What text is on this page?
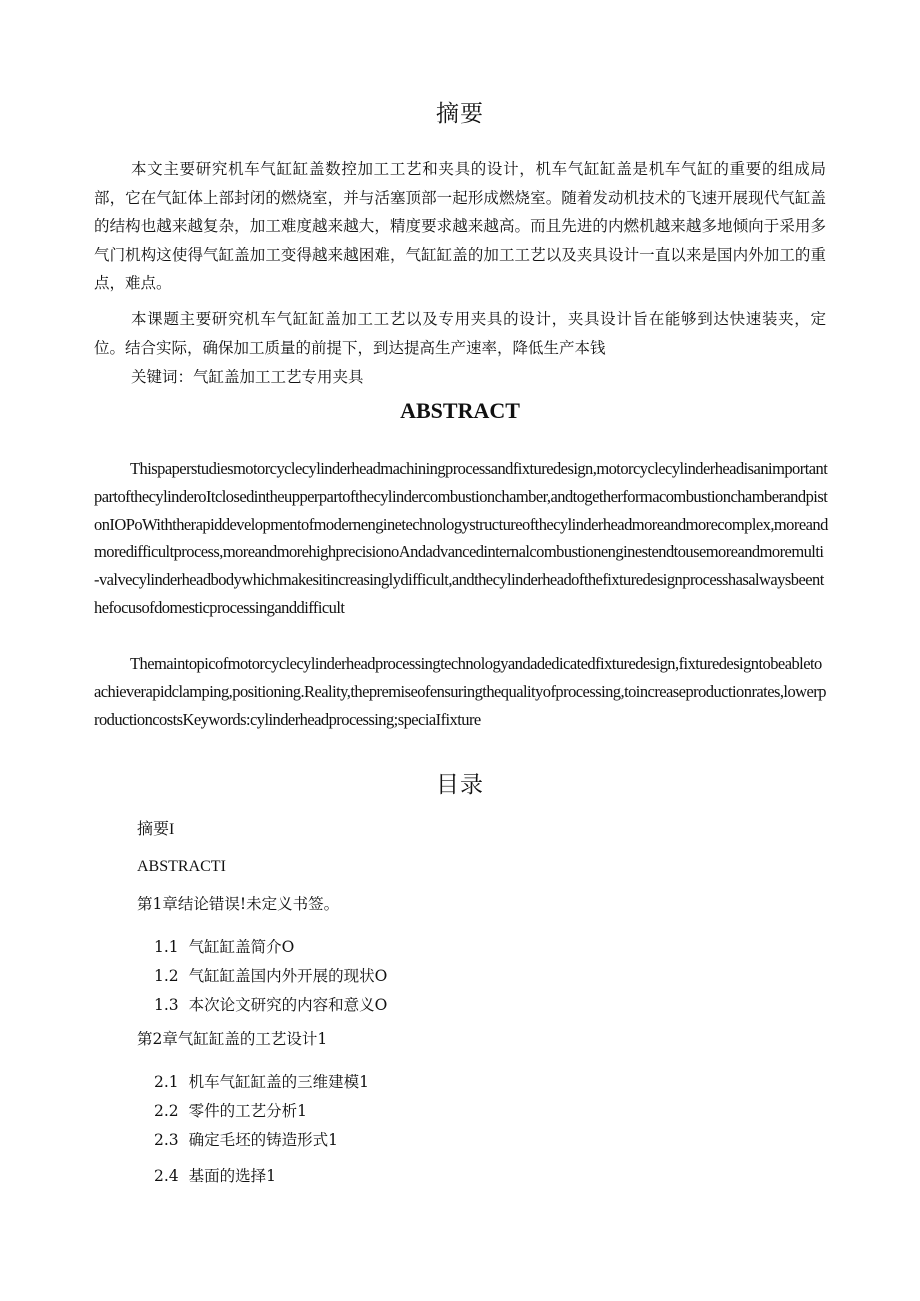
摘要

本文主要研究机车气缸缸盖数控加工工艺和夹具的设计，机车气缸缸盖是机车气缸的重要的组成局部，它在气缸体上部封闭的燃烧室，并与活塞顶部一起形成燃烧室。随着发动机技术的飞速开展现代气缸盖的结构也越来越复杂，加工难度越来越大，精度要求越来越高。而且先进的内燃机越来越多地倾向于采用多气门机构这使得气缸盖加工变得越来越困难，气缸缸盖的加工工艺以及夹具设计一直以来是国内外加工的重点，难点。

本课题主要研究机车气缸缸盖加工工艺以及专用夹具的设计，夹具设计旨在能够到达快速装夹，定位。结合实际，确保加工质量的前提下，到达提高生产速率，降低生产本钱

关键词：气缸盖加工工艺专用夹具
ABSTRACT

Thispaperstudiesmotorcyclecylinderheadmachiningprocessandfixturedesign,motorcyclecylinderheadisanimportantpartofthecylinderoItclosedintheupperpartofthecylindercombustionchamber,andtogetherformacombustionchamberandpistonIOPoWiththerapiddevelopmentofmodernenginetechnologystructureofthecylinderheadmoreandmorecomplex,moreandmoredifficultprocess,moreandmorehighprecisionoAndadvancedinternalcombustionenginestendtousemoreandmoremulti-valvecylinderheadbodywhichmakesitincreasinglydifficult,andthecylinderheadofthefixturedesignprocesshasalwaysbeenthefocusofdomesticprocessinganddifficult

Themaintopicofmotorcyclecylinderheadprocessingtechnologyandadedicatedfixturedesign,fixturedesigntobeabletoachieverapidclamping,positioning.Reality,thepremiseofensuringthequalityofprocessing,toincreaseproductionrates,lowerproductioncostsKeywords:cylinderheadprocessing;speciaIfixture

目录
摘要I
ABSTRACTI
第1章结论错误!未定义书签。
1.1 气缸缸盖简介O
1.2 气缸缸盖国内外开展的现状O
1.3 本次论文研究的内容和意义O
第2章气缸缸盖的工艺设计1
2.1 机车气缸缸盖的三维建模1
2.2 零件的工艺分析1
2.3 确定毛坯的铸造形式1
2.4 基面的选择1
